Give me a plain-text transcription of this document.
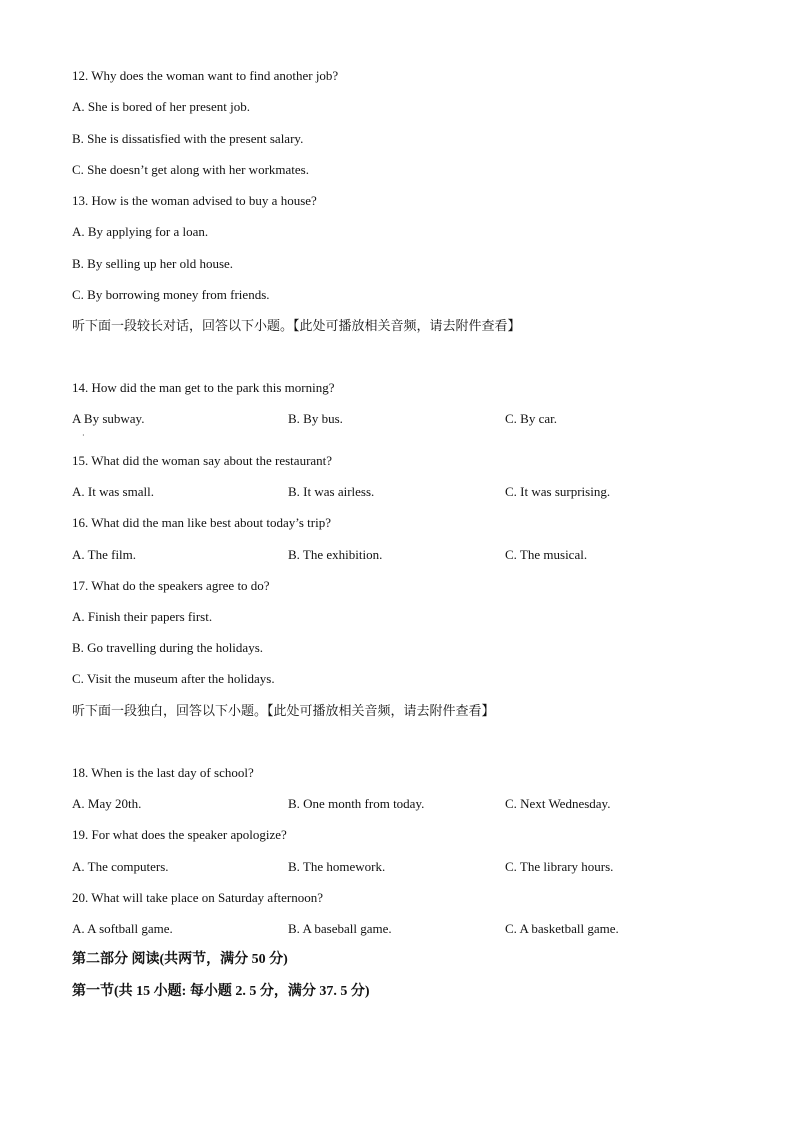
12. Why does the woman want to find another job?
A. She is bored of her present job.
B. She is dissatisfied with the present salary.
C. She doesn’t get along with her workmates.
13. How is the woman advised to buy a house?
A. By applying for a loan.
B. By selling up her old house.
C. By borrowing money from friends.
听下面一段较长对话，回答以下小题。【此处可播放相关音频，请去附件查看】
14. How did the man get to the park this morning?
A By subway.	B. By bus.	C. By car.
·
15. What did the woman say about the restaurant?
A. It was small.	B. It was airless.	C. It was surprising.
16. What did the man like best about today’s trip?
A. The film.	B. The exhibition.	C. The musical.
17. What do the speakers agree to do?
A. Finish their papers first.
B. Go travelling during the holidays.
C. Visit the museum after the holidays.
听下面一段独白，回答以下小题。【此处可播放相关音频，请去附件查看】
18. When is the last day of school?
A. May 20th.	B. One month from today.	C. Next Wednesday.
19. For what does the speaker apologize?
A. The computers.	B. The homework.	C. The library hours.
20. What will take place on Saturday afternoon?
A. A softball game.	B. A baseball game.	C. A basketball game.
第二部分 阅读(共两节，满分 50 分)
第一节(共 15 小题: 每小题 2. 5 分，满分 37. 5 分)
